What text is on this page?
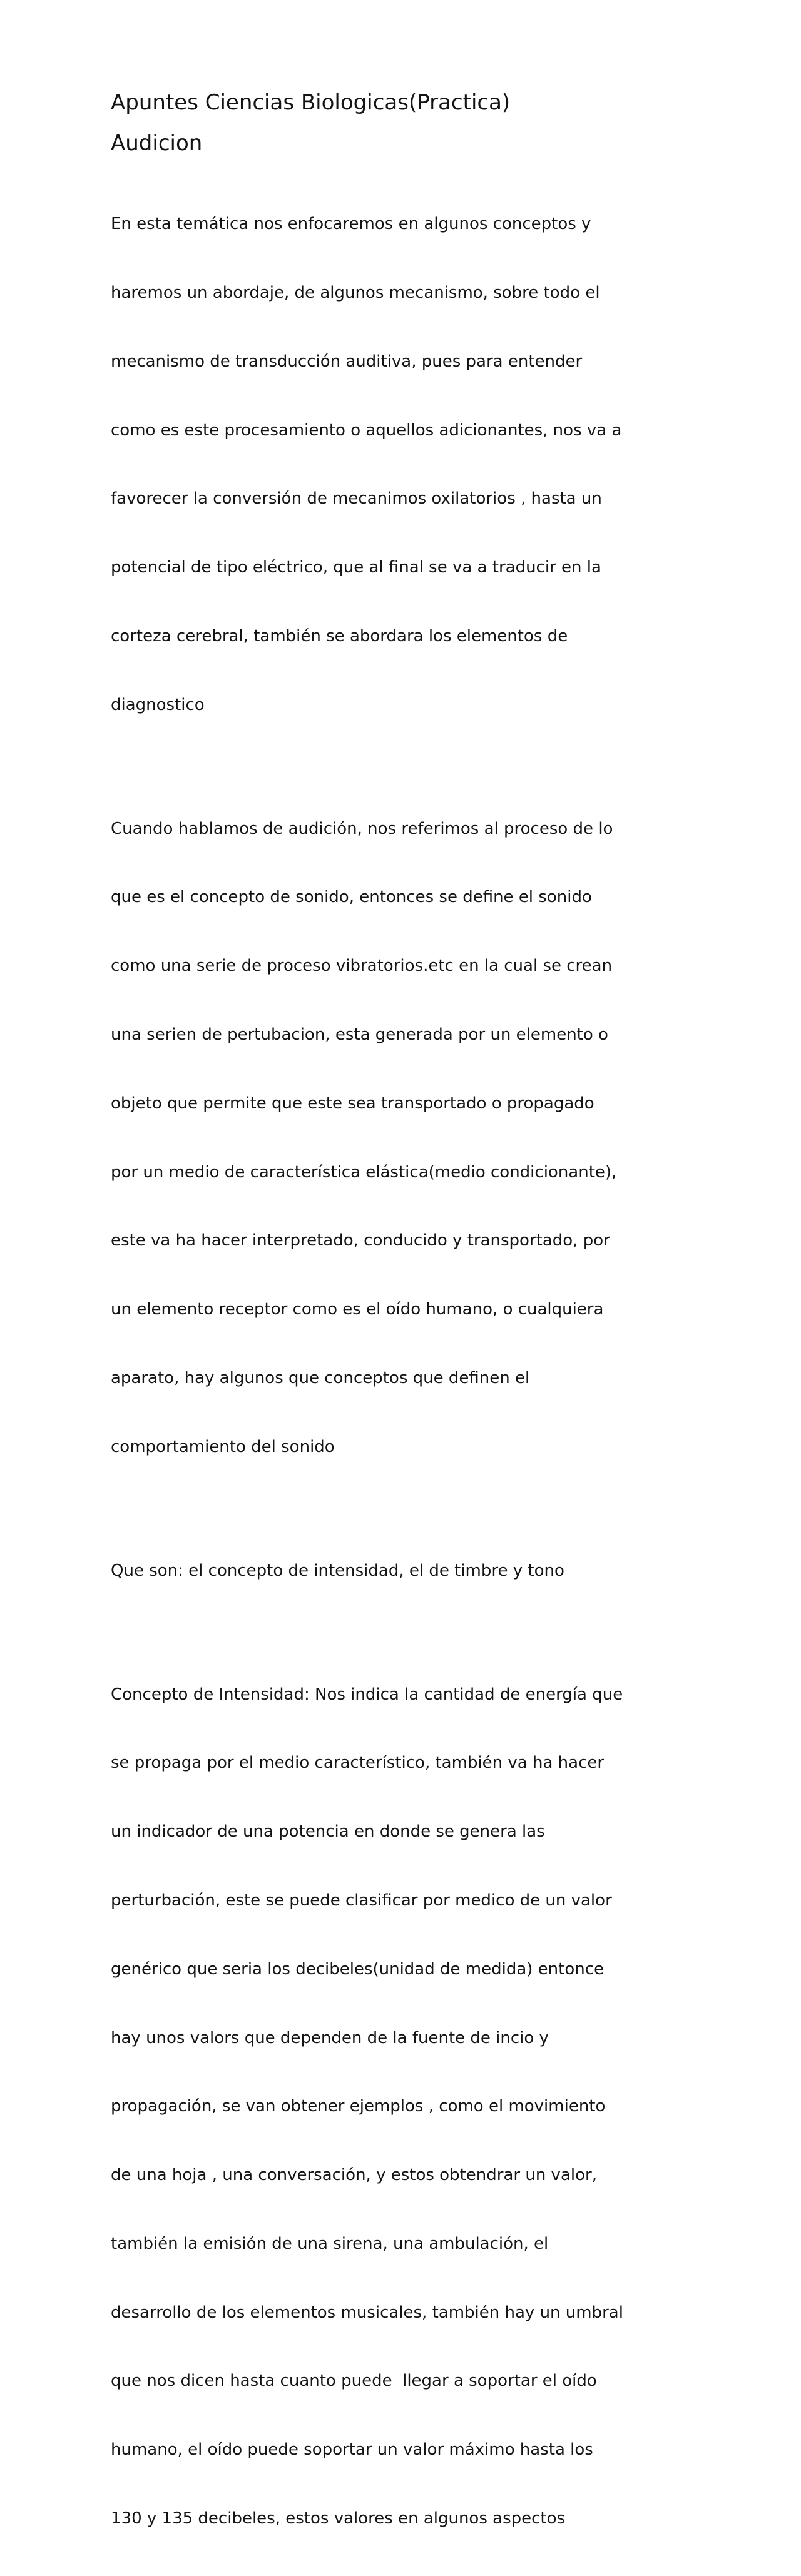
Apuntes Ciencias Biologicas(Practica)
Audicion

En esta temática nos enfocaremos en algunos conceptos y

haremos un abordaje, de algunos mecanismo, sobre todo el

mecanismo de transducción auditiva, pues para entender

como es este procesamiento o aquellos adicionantes, nos va a

favorecer la conversión de mecanimos oxilatorios , hasta un

potencial de tipo eléctrico, que al final se va a traducir en la

corteza cerebral, también se abordara los elementos de

diagnostico

Cuando hablamos de audición, nos referimos al proceso de lo

que es el concepto de sonido, entonces se define el sonido

como una serie de proceso vibratorios.etc en la cual se crean

una serien de pertubacion, esta generada por un elemento o

objeto que permite que este sea transportado o propagado

por un medio de característica elástica(medio condicionante),

este va ha hacer interpretado, conducido y transportado, por

un elemento receptor como es el oído humano, o cualquiera

aparato, hay algunos que conceptos que definen el

comportamiento del sonido

Que son: el concepto de intensidad, el de timbre y tono

Concepto de Intensidad: Nos indica la cantidad de energía que

se propaga por el medio característico, también va ha hacer

un indicador de una potencia en donde se genera las

perturbación, este se puede clasificar por medico de un valor

genérico que seria los decibeles(unidad de medida) entonce

hay unos valors que dependen de la fuente de incio y

propagación, se van obtener ejemplos , como el movimiento

de una hoja , una conversación, y estos obtendrar un valor,

también la emisión de una sirena, una ambulación, el

desarrollo de los elementos musicales, también hay un umbral

que nos dicen hasta cuanto puede  llegar a soportar el oído

humano, el oído puede soportar un valor máximo hasta los

130 y 135 decibeles, estos valores en algunos aspectos
